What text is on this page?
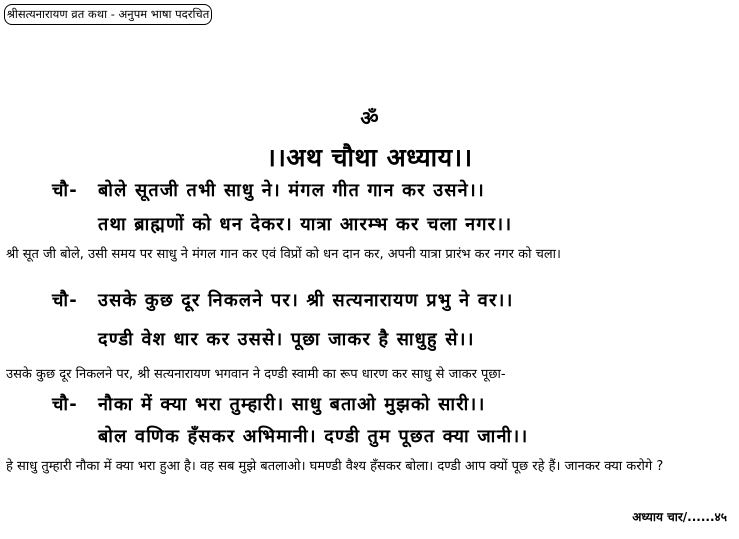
श्रीसत्यनारायण व्रत कथा - अनुपम भाषा पदरचित
ॐ
।।अथ चौथा अध्याय।।
चौ- बोले सूतजी तभी साधु ने। मंगल गीत गान कर उसने।।
तथा ब्राह्मणों को धन देकर। यात्रा आरम्भ कर चला नगर।।
श्री सूत जी बोले, उसी समय पर साधु ने मंगल गान कर एवं विप्रों को धन दान कर, अपनी यात्रा प्रारंभ कर नगर को चला।
चौ- उसके कुछ दूर निकलने पर। श्री सत्यनारायण प्रभु ने वर।।
दण्डी वेश धार कर उससे। पूछा जाकर है साधुहु से।।
उसके कुछ दूर निकलने पर, श्री सत्यनारायण भगवान ने दण्डी स्वामी का रूप धारण कर साधु से जाकर पूछा-
चौ- नौका में क्या भरा तुम्हारी। साधु बताओ मुझको सारी।।
बोल वणिक हँसकर अभिमानी। दण्डी तुम पूछत क्या जानी।।
हे साधु तुम्हारी नौका में क्या भरा हुआ है। वह सब मुझे बतलाओ। घमण्डी वैश्य हँसकर बोला। दण्डी आप क्यों पूछ रहे हैं। जानकर क्या करोगे ?
अध्याय चार/......४५
